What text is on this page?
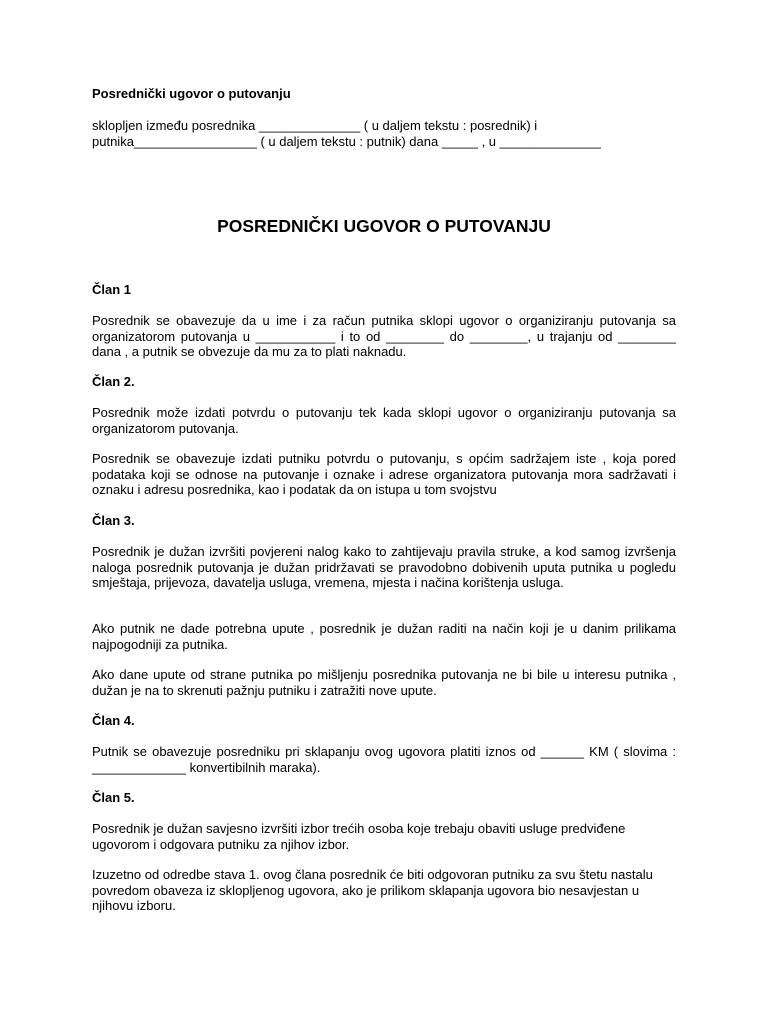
Posrednički ugovor o putovanju

sklopljen između posrednika ______________ ( u daljem tekstu : posrednik) i
putnika_________________ ( u daljem tekstu : putnik) dana _____ , u ______________

POSREDNIČKI UGOVOR O PUTOVANJU

Član 1

Posrednik se obavezuje da u ime i za račun putnika sklopi ugovor o organiziranju putovanja sa organizatorom putovanja u ___________ i to od ________ do ________, u trajanju od ________ dana , a putnik se obvezuje da mu za to plati naknadu.

Član 2.

Posrednik može izdati potvrdu o putovanju tek kada sklopi ugovor o organiziranju putovanja sa organizatorom putovanja.

Posrednik se obavezuje izdati putniku potvrdu o putovanju, s općim sadržajem iste , koja pored podataka koji se odnose na putovanje i oznake i adrese organizatora putovanja mora sadržavati i oznaku i adresu posrednika, kao i podatak da on istupa u tom svojstvu

Član 3.

Posrednik je dužan izvršiti povjereni nalog kako to zahtijevaju pravila struke, a kod samog izvršenja naloga posrednik putovanja je dužan pridržavati se pravodobno dobivenih uputa putnika u pogledu smještaja, prijevoza, davatelja usluga, vremena, mjesta i načina korištenja usluga.

Ako putnik ne dade potrebna upute , posrednik je dužan raditi na način koji je u danim prilikama najpogodniji za putnika.

Ako dane upute od strane putnika po mišljenju posrednika putovanja ne bi bile u interesu putnika , dužan je na to skrenuti pažnju putniku i zatražiti nove upute.

Član 4.

Putnik se obavezuje posredniku pri sklapanju ovog ugovora platiti iznos od ______ KM ( slovima : _____________ konvertibilnih maraka).

Član 5.

Posrednik je dužan savjesno izvršiti izbor trećih osoba koje trebaju obaviti usluge predviđene ugovorom i odgovara putniku za njihov izbor.

Izuzetno od odredbe stava 1. ovog člana posrednik će biti odgovoran putniku za svu štetu nastalu povredom obaveza iz sklopljenog ugovora, ako je prilikom sklapanja ugovora bio nesavjestan u njihovu izboru.
